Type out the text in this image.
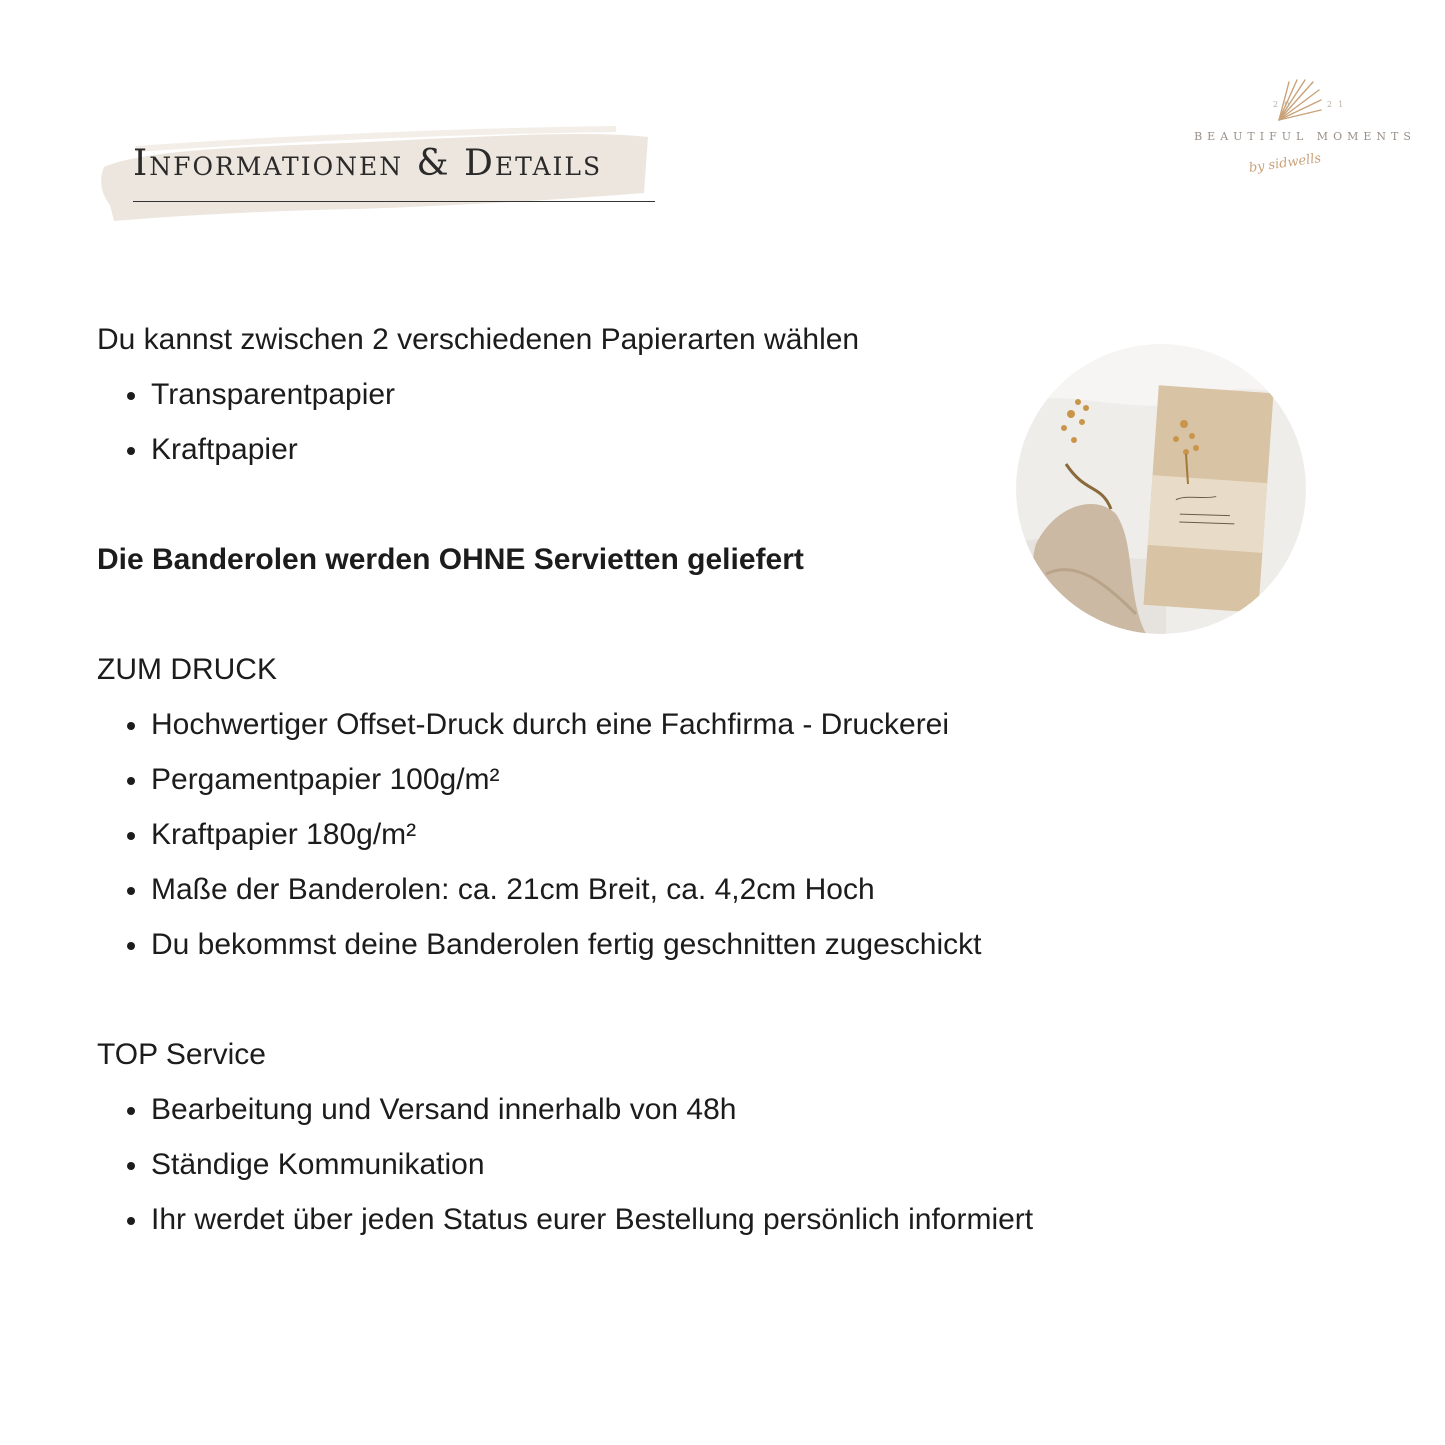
Informationen & Details
20	21
BEAUTIFUL MOMENTS
by sidwells

Du kannst zwischen 2 verschiedenen Papierarten wählen

Transparentpapier
Kraftpapier

Die Banderolen werden OHNE Servietten geliefert

ZUM DRUCK

Hochwertiger Offset-Druck durch eine Fachfirma - Druckerei
Pergamentpapier 100g/m²
Kraftpapier 180g/m²
Maße der Banderolen: ca. 21cm Breit, ca. 4,2cm Hoch
Du bekommst deine Banderolen fertig geschnitten zugeschickt

TOP Service

Bearbeitung und Versand innerhalb von 48h
Ständige Kommunikation
Ihr werdet über jeden Status eurer Bestellung persönlich informiert
